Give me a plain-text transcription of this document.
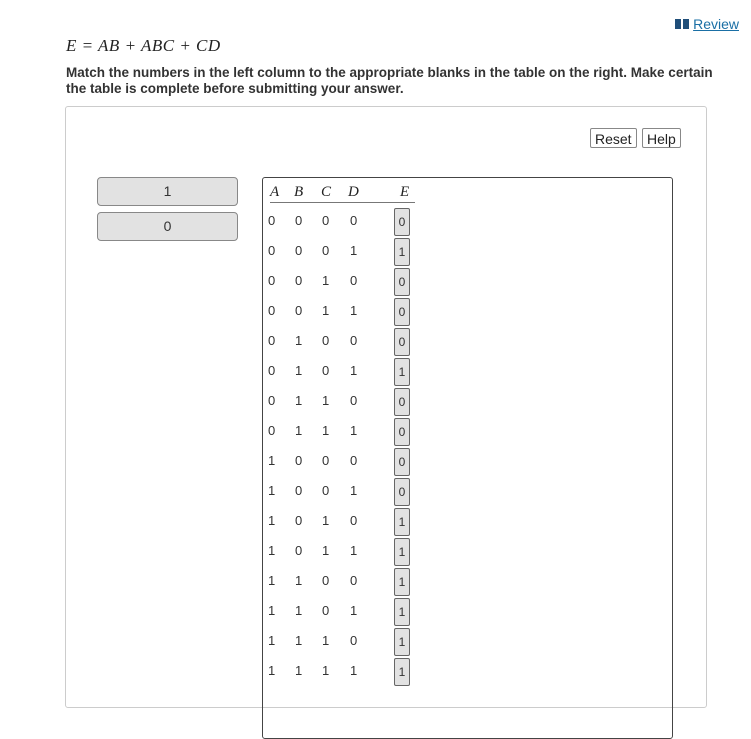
Review
E = AB + ABC + CD
Match the numbers in the left column to the appropriate blanks in the table on the right. Make certain the table is complete before submitting your answer.
Reset	Help
1
0
A B C D	E
0 0 0 0	0
0 0 0 1	1
0 0 1 0	0
0 0 1 1	0
0 1 0 0	0
0 1 0 1	1
0 1 1 0	0
0 1 1 1	0
1 0 0 0	0
1 0 0 1	0
1 0 1 0	1
1 0 1 1	1
1 1 0 0	1
1 1 0 1	1
1 1 1 0	1
1 1 1 1	1
